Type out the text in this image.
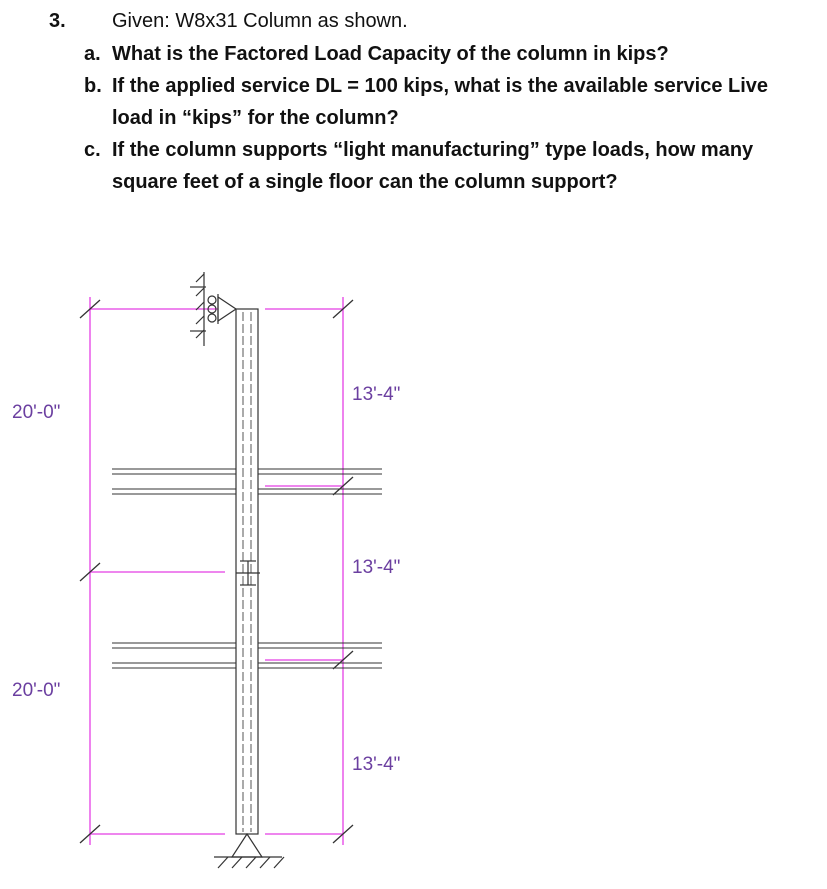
3. Given: W8x31 Column as shown.
a. What is the Factored Load Capacity of the column in kips?
b. If the applied service DL = 100 kips, what is the available service Live load in “kips” for the column?
c. If the column supports “light manufacturing” type loads, how many square feet of a single floor can the column support?
20'-0"
20'-0"
13'-4"
13'-4"
13'-4"
